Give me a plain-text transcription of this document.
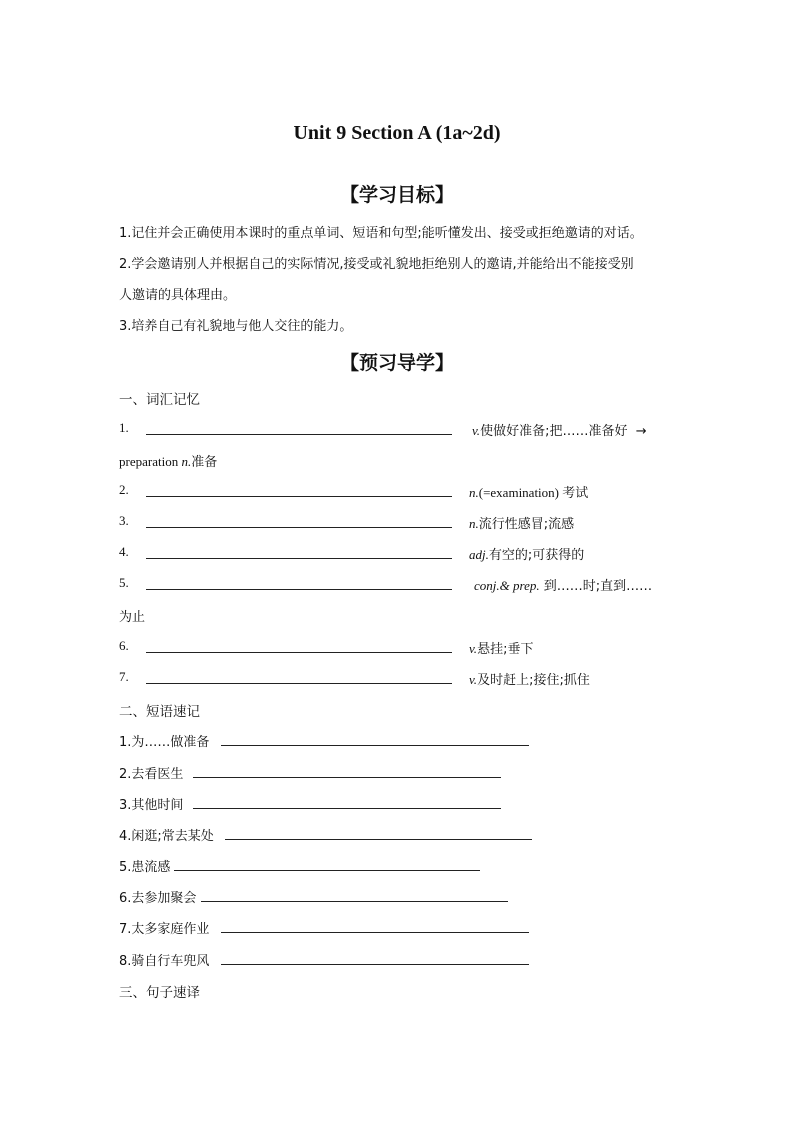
Unit 9 Section A (1a~2d)
【学习目标】
1.记住并会正确使用本课时的重点单词、短语和句型;能听懂发出、接受或拒绝邀请的对话。
2.学会邀请别人并根据自己的实际情况,接受或礼貌地拒绝别人的邀请,并能给出不能接受别
人邀请的具体理由。
3.培养自己有礼貌地与他人交往的能力。
【预习导学】
一、词汇记忆
1.	v.使做好准备;把……准备好 →
preparation n.准备
2.	n.(=examination) 考试
3.	n.流行性感冒;流感
4.	adj.有空的;可获得的
5.	conj.& prep. 到……时;直到……
为止
6.	v.悬挂;垂下
7.	v.及时赶上;接住;抓住
二、短语速记
1.为……做准备
2.去看医生
3.其他时间
4.闲逛;常去某处
5.患流感
6.去参加聚会
7.太多家庭作业
8.骑自行车兜风
三、句子速译
